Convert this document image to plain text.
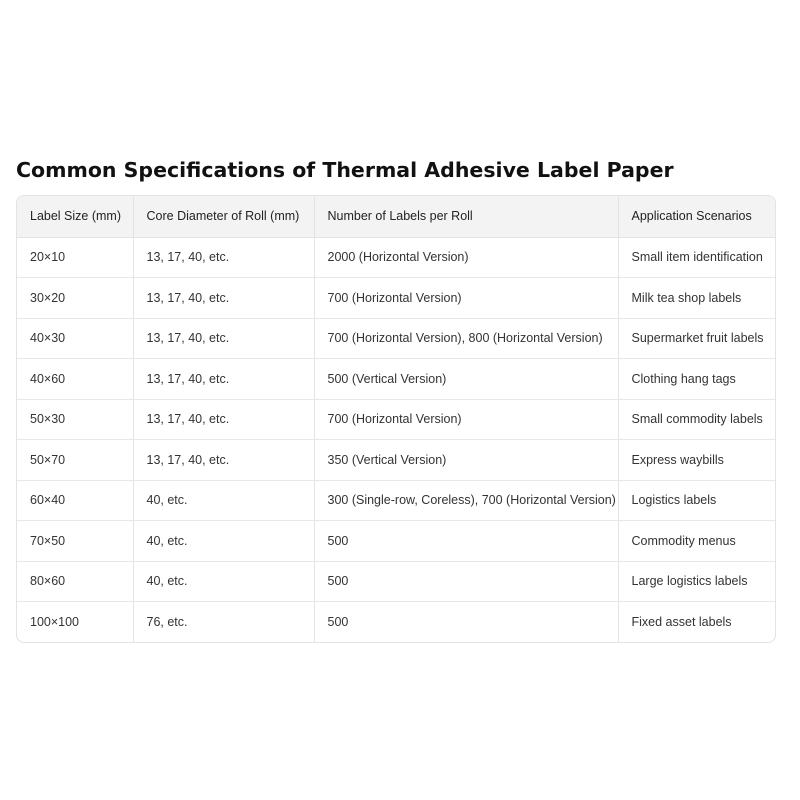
Common Specifications of Thermal Adhesive Label Paper
Label Size (mm)	Core Diameter of Roll (mm)	Number of Labels per Roll	Application Scenarios
20×10	13, 17, 40, etc.	2000 (Horizontal Version)	Small item identification
30×20	13, 17, 40, etc.	700 (Horizontal Version)	Milk tea shop labels
40×30	13, 17, 40, etc.	700 (Horizontal Version), 800 (Horizontal Version)	Supermarket fruit labels
40×60	13, 17, 40, etc.	500 (Vertical Version)	Clothing hang tags
50×30	13, 17, 40, etc.	700 (Horizontal Version)	Small commodity labels
50×70	13, 17, 40, etc.	350 (Vertical Version)	Express waybills
60×40	40, etc.	300 (Single-row, Coreless), 700 (Horizontal Version)	Logistics labels
70×50	40, etc.	500	Commodity menus
80×60	40, etc.	500	Large logistics labels
100×100	76, etc.	500	Fixed asset labels
